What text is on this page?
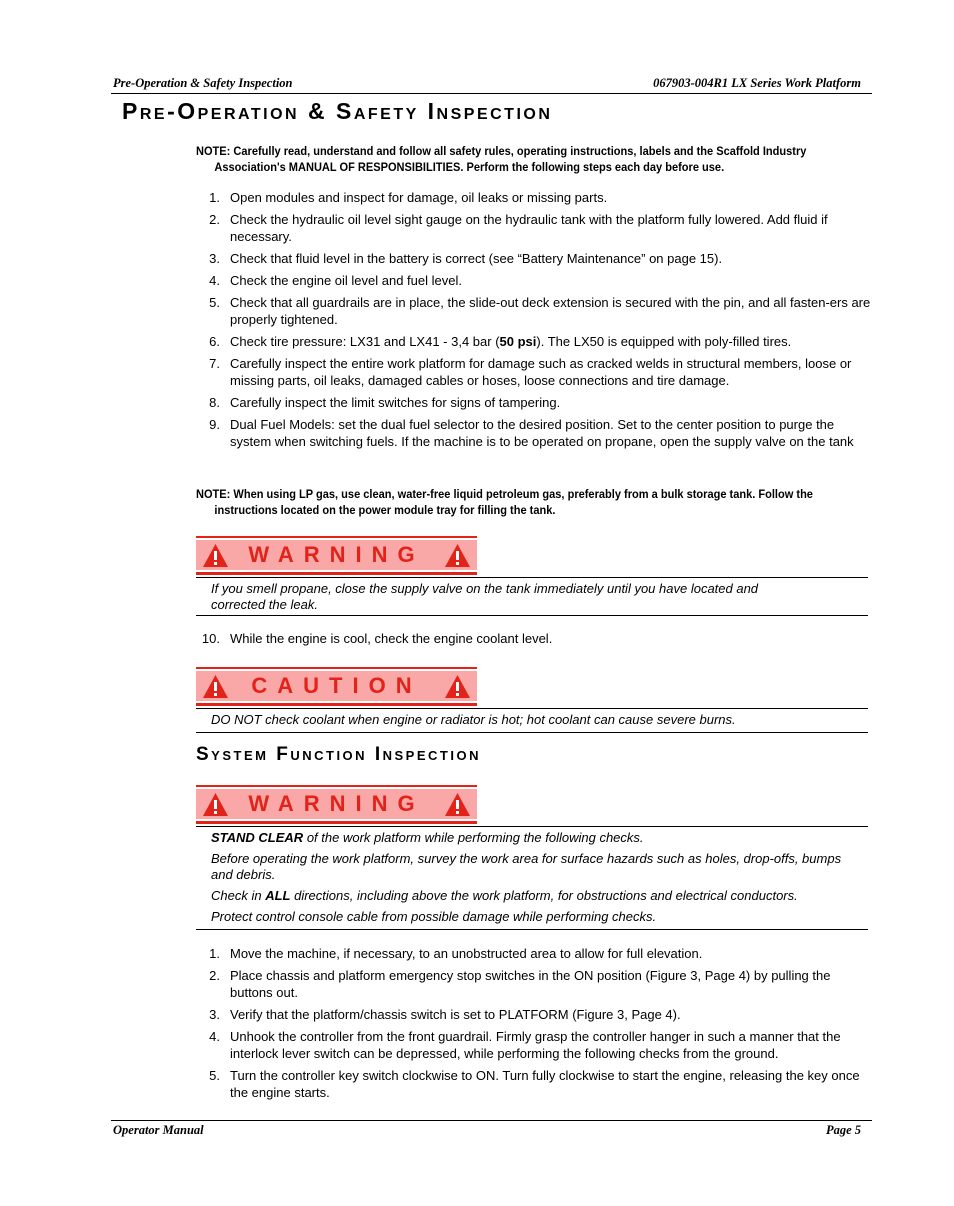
Pre-Operation & Safety Inspection	067903-004R1 LX Series Work Platform
Pre-Operation & Safety Inspection
NOTE: Carefully read, understand and follow all safety rules, operating instructions, labels and the Scaffold Industry
Association's MANUAL OF RESPONSIBILITIES. Perform the following steps each day before use.
1. Open modules and inspect for damage, oil leaks or missing parts.
2. Check the hydraulic oil level sight gauge on the hydraulic tank with the platform fully lowered. Add fluid if necessary.
3. Check that fluid level in the battery is correct (see “Battery Maintenance” on page 15).
4. Check the engine oil level and fuel level.
5. Check that all guardrails are in place, the slide-out deck extension is secured with the pin, and all fasten-ers are properly tightened.
6. Check tire pressure: LX31 and LX41 - 3,4 bar (50 psi). The LX50 is equipped with poly-filled tires.
7. Carefully inspect the entire work platform for damage such as cracked welds in structural members, loose or missing parts, oil leaks, damaged cables or hoses, loose connections and tire damage.
8. Carefully inspect the limit switches for signs of tampering.
9. Dual Fuel Models: set the dual fuel selector to the desired position. Set to the center position to purge the system when switching fuels. If the machine is to be operated on propane, open the supply valve on the tank
NOTE: When using LP gas, use clean, water-free liquid petroleum gas, preferably from a bulk storage tank. Follow the
instructions located on the power module tray for filling the tank.
WARNING
If you smell propane, close the supply valve on the tank immediately until you have located and corrected the leak.
10. While the engine is cool, check the engine coolant level.
CAUTION
DO NOT check coolant when engine or radiator is hot; hot coolant can cause severe burns.
System Function Inspection
WARNING

STAND CLEAR of the work platform while performing the following checks.

Before operating the work platform, survey the work area for surface hazards such as holes, drop-offs, bumps and debris.

Check in ALL directions, including above the work platform, for obstructions and electrical conductors.

Protect control console cable from possible damage while performing checks.

1. Move the machine, if necessary, to an unobstructed area to allow for full elevation.
2. Place chassis and platform emergency stop switches in the ON position (Figure 3, Page 4) by pulling the buttons out.
3. Verify that the platform/chassis switch is set to PLATFORM (Figure 3, Page 4).
4. Unhook the controller from the front guardrail. Firmly grasp the controller hanger in such a manner that the interlock lever switch can be depressed, while performing the following checks from the ground.
5. Turn the controller key switch clockwise to ON. Turn fully clockwise to start the engine, releasing the key once the engine starts.
Operator Manual	Page 5
